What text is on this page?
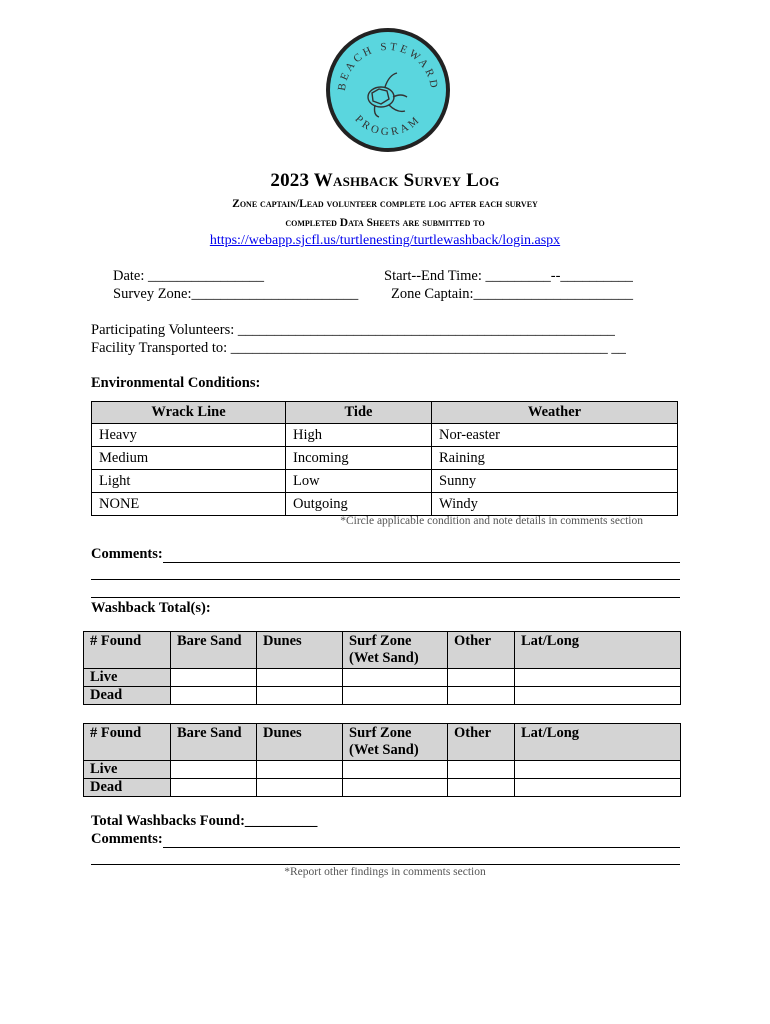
BEACH STEWARD
PROGRAM
2023 Washback Survey Log
Zone captain/Lead volunteer complete log after each survey
completed Data Sheets are submitted to
https://webapp.sjcfl.us/turtlenesting/turtlewashback/login.aspx
Date: ________________	Start--End Time: _________--__________
Survey Zone:_______________________ Zone Captain:______________________
Participating Volunteers: ____________________________________________________
Facility Transported to: ____________________________________________________ __
Environmental Conditions:
Wrack Line	Tide	Weather
Heavy	High	Nor-easter
Medium	Incoming	Raining
Light	Low	Sunny
NONE	Outgoing	Windy
*Circle applicable condition and note details in comments section
Comments:
Washback Total(s):
# Found	Bare Sand	Dunes	Surf Zone (Wet Sand)	Other	Lat/Long
Live					
Dead					
# Found	Bare Sand	Dunes	Surf Zone (Wet Sand)	Other	Lat/Long
Live					
Dead					
Total Washbacks Found:__________
Comments:
*Report other findings in comments section
